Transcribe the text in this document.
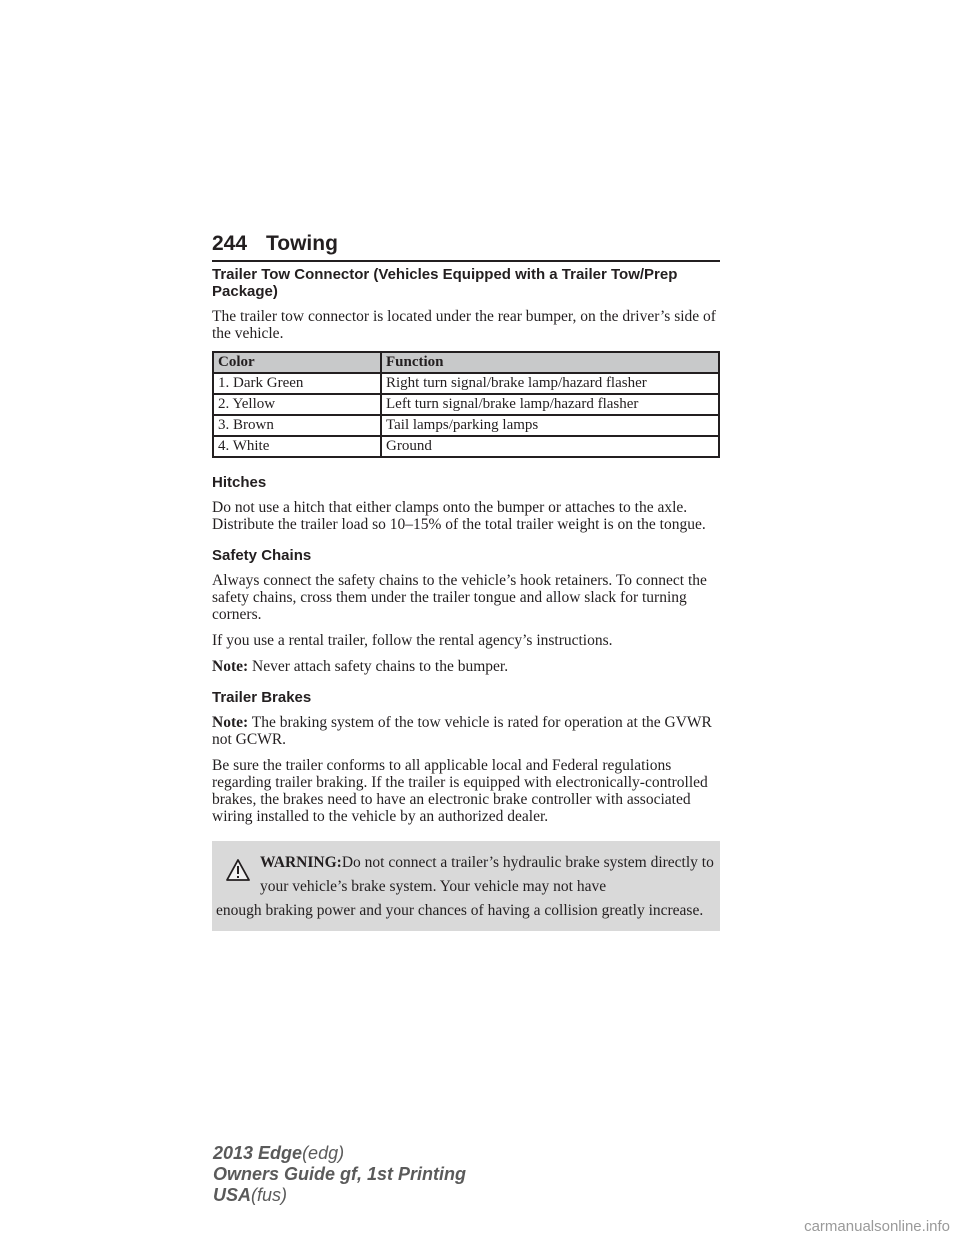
244 Towing
Trailer Tow Connector (Vehicles Equipped with a Trailer Tow/Prep Package)

The trailer tow connector is located under the rear bumper, on the driver’s side of the vehicle.

Color	Function
1. Dark Green	Right turn signal/brake lamp/hazard flasher
2. Yellow	Left turn signal/brake lamp/hazard flasher
3. Brown	Tail lamps/parking lamps
4. White	Ground
Hitches

Do not use a hitch that either clamps onto the bumper or attaches to the axle. Distribute the trailer load so 10–15% of the total trailer weight is on the tongue.

Safety Chains

Always connect the safety chains to the vehicle’s hook retainers. To connect the safety chains, cross them under the trailer tongue and allow slack for turning corners.

If you use a rental trailer, follow the rental agency’s instructions.

Note: Never attach safety chains to the bumper.

Trailer Brakes

Note: The braking system of the tow vehicle is rated for operation at the GVWR not GCWR.

Be sure the trailer conforms to all applicable local and Federal regulations regarding trailer braking. If the trailer is equipped with electronically-controlled brakes, the brakes need to have an electronic brake controller with associated wiring installed to the vehicle by an authorized dealer.

WARNING:Do not connect a trailer’s hydraulic brake system directly to your vehicle’s brake system. Your vehicle may not have
enough braking power and your chances of having a collision greatly increase.
2013 Edge(edg)
Owners Guide gf, 1st Printing
USA(fus)
carmanualsonline.info
